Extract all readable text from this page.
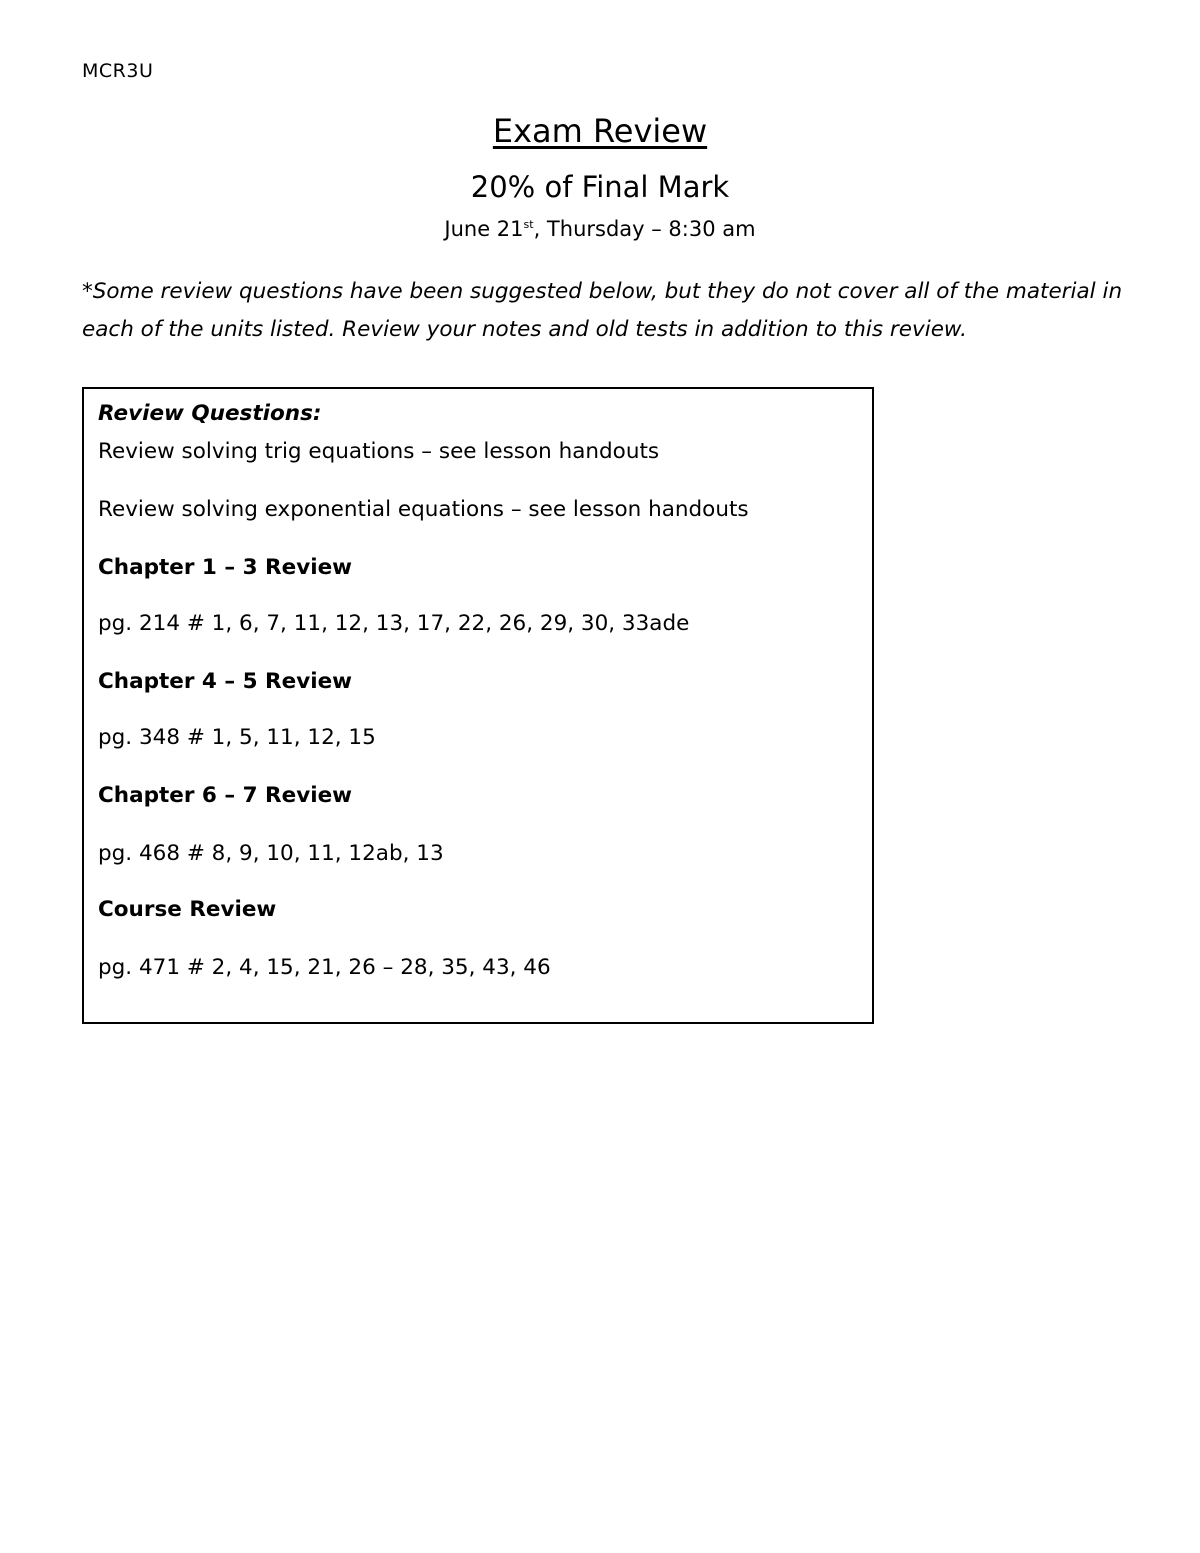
MCR3U
Exam Review
20% of Final Mark
June 21st, Thursday – 8:30 am
*Some review questions have been suggested below, but they do not cover all of the material in each of the units listed. Review your notes and old tests in addition to this review.
Review Questions:
Review solving trig equations – see lesson handouts
Review solving exponential equations – see lesson handouts
Chapter 1 – 3 Review
pg. 214 # 1, 6, 7, 11, 12, 13, 17, 22, 26, 29, 30, 33ade
Chapter 4 – 5 Review
pg. 348 # 1, 5, 11, 12, 15
Chapter 6 – 7 Review
pg. 468 # 8, 9, 10, 11, 12ab, 13
Course Review
pg. 471 # 2, 4, 15, 21, 26 – 28, 35, 43, 46
